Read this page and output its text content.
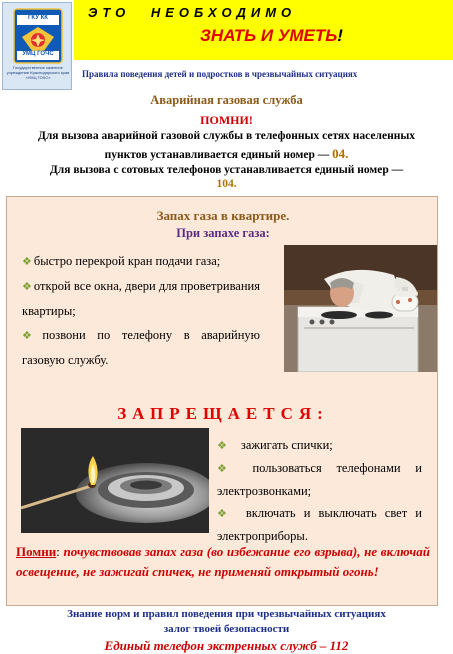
ГКУ КК
УМЦ ГОЧС
Государственное казенное учреждение Краснодарского края «УМЦ ГОЧС»
ЭТО НЕОБХОДИМО
ЗНАТЬ И УМЕТЬ!
Правила поведения детей и подростков в чрезвычайных ситуациях
Аварийная газовая служба
ПОМНИ!
Для вызова аварийной газовой службы в телефонных сетях населенных пунктов устанавливается единый номер — 04.
Для вызова с сотовых телефонов устанавливается единый номер —
104.
Запах газа в квартире.
При запахе газа:
❖ быстро перекрой кран подачи газа;
❖ открой все окна, двери для проветривания квартиры;
❖ позвони по телефону в аварийную газовую службу.
ЗАПРЕЩАЕТСЯ:
❖ зажигать спички;
❖ пользоваться телефонами и электрозвонками;
❖ включать и выключать свет и электроприборы.
Помни: почувствовав запах газа (во избежание его взрыва), не включай освещение, не зажигай спичек, не применяй открытый огонь!
Знание норм и правил поведения при чрезвычайных ситуациях
залог твоей безопасности
Единый телефон экстренных служб – 112
